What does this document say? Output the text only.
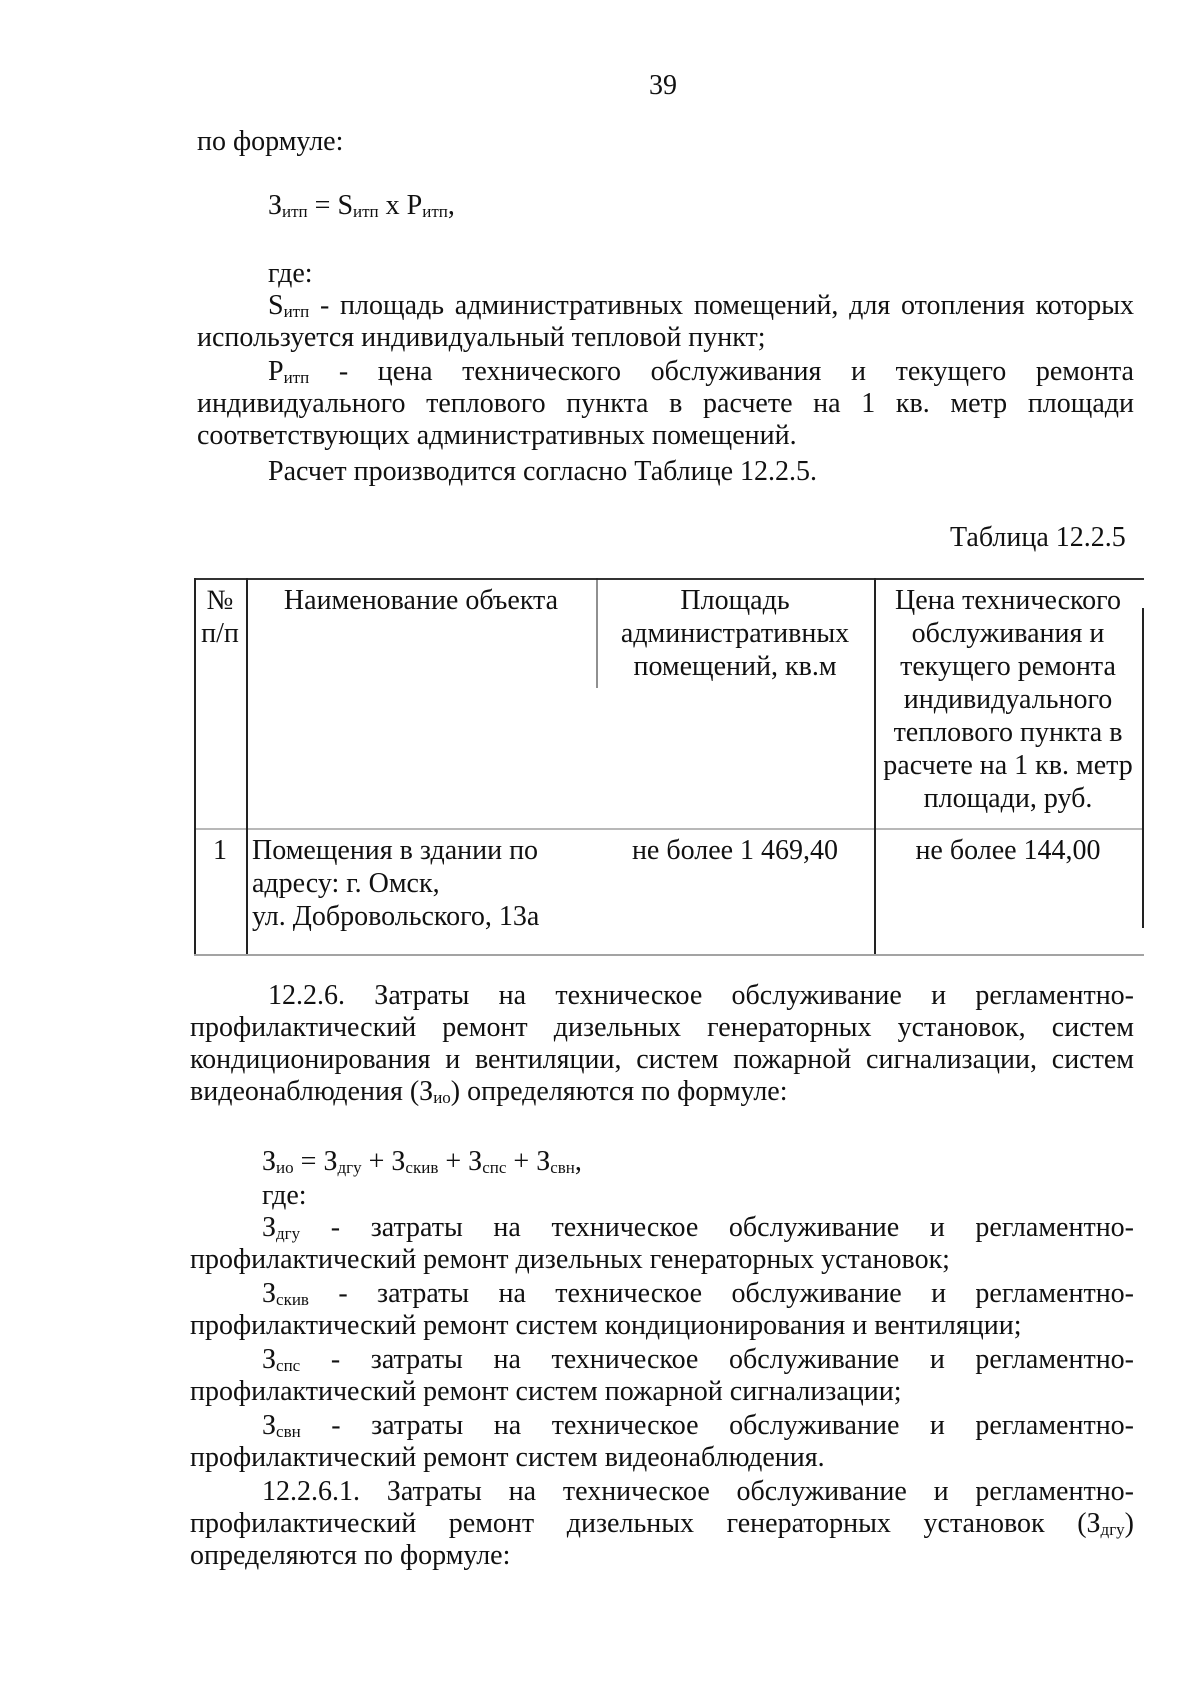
39
по формуле:
$З_{итп} = S_{итп}$ х $Р_{итп}$,
где:
$S_{итп}$ - площадь административных помещений, для отопления которых
используется индивидуальный тепловой пункт;
$Р_{итп}$ - цена технического обслуживания и текущего ремонта
индивидуального теплового пункта в расчете на 1 кв. метр площади
соответствующих административных помещений.
Расчет производится согласно Таблице 12.2.5.
Таблица 12.2.5
№
п/п
Наименование объекта	Площадь
административных
помещений, кв.м
Цена технического
обслуживания и
текущего ремонта
индивидуального
теплового пункта в
расчете на 1 кв. метр
площади, руб.
1 Помещения в здании по
адресу: г. Омск,
ул. Добровольского, 13а
не более 1 469,40	не более 144,00
12.2.6. Затраты на техническое обслуживание и регламентно-
профилактический ремонт дизельных генераторных установок, систем
кондиционирования и вентиляции, систем пожарной сигнализации, систем
видеонаблюдения $(З_{ио})$ определяются по формуле:
$З_{ио} = З_{дгу} + З_{скив} + З_{спс} + З_{свн}$,
где:
$З_{дгу}$ - затраты на техническое обслуживание и регламентно-
профилактический ремонт дизельных генераторных установок;
$З_{скив}$ - затраты на техническое обслуживание и регламентно-
профилактический ремонт систем кондиционирования и вентиляции;
$З_{спс}$ - затраты на техническое обслуживание и регламентно-
профилактический ремонт систем пожарной сигнализации;
$З_{свн}$ - затраты на техническое обслуживание и регламентно-
профилактический ремонт систем видеонаблюдения.
12.2.6.1. Затраты на техническое обслуживание и регламентно-
профилактический ремонт дизельных генераторных установок $(З_{дгу})$
определяются по формуле:
